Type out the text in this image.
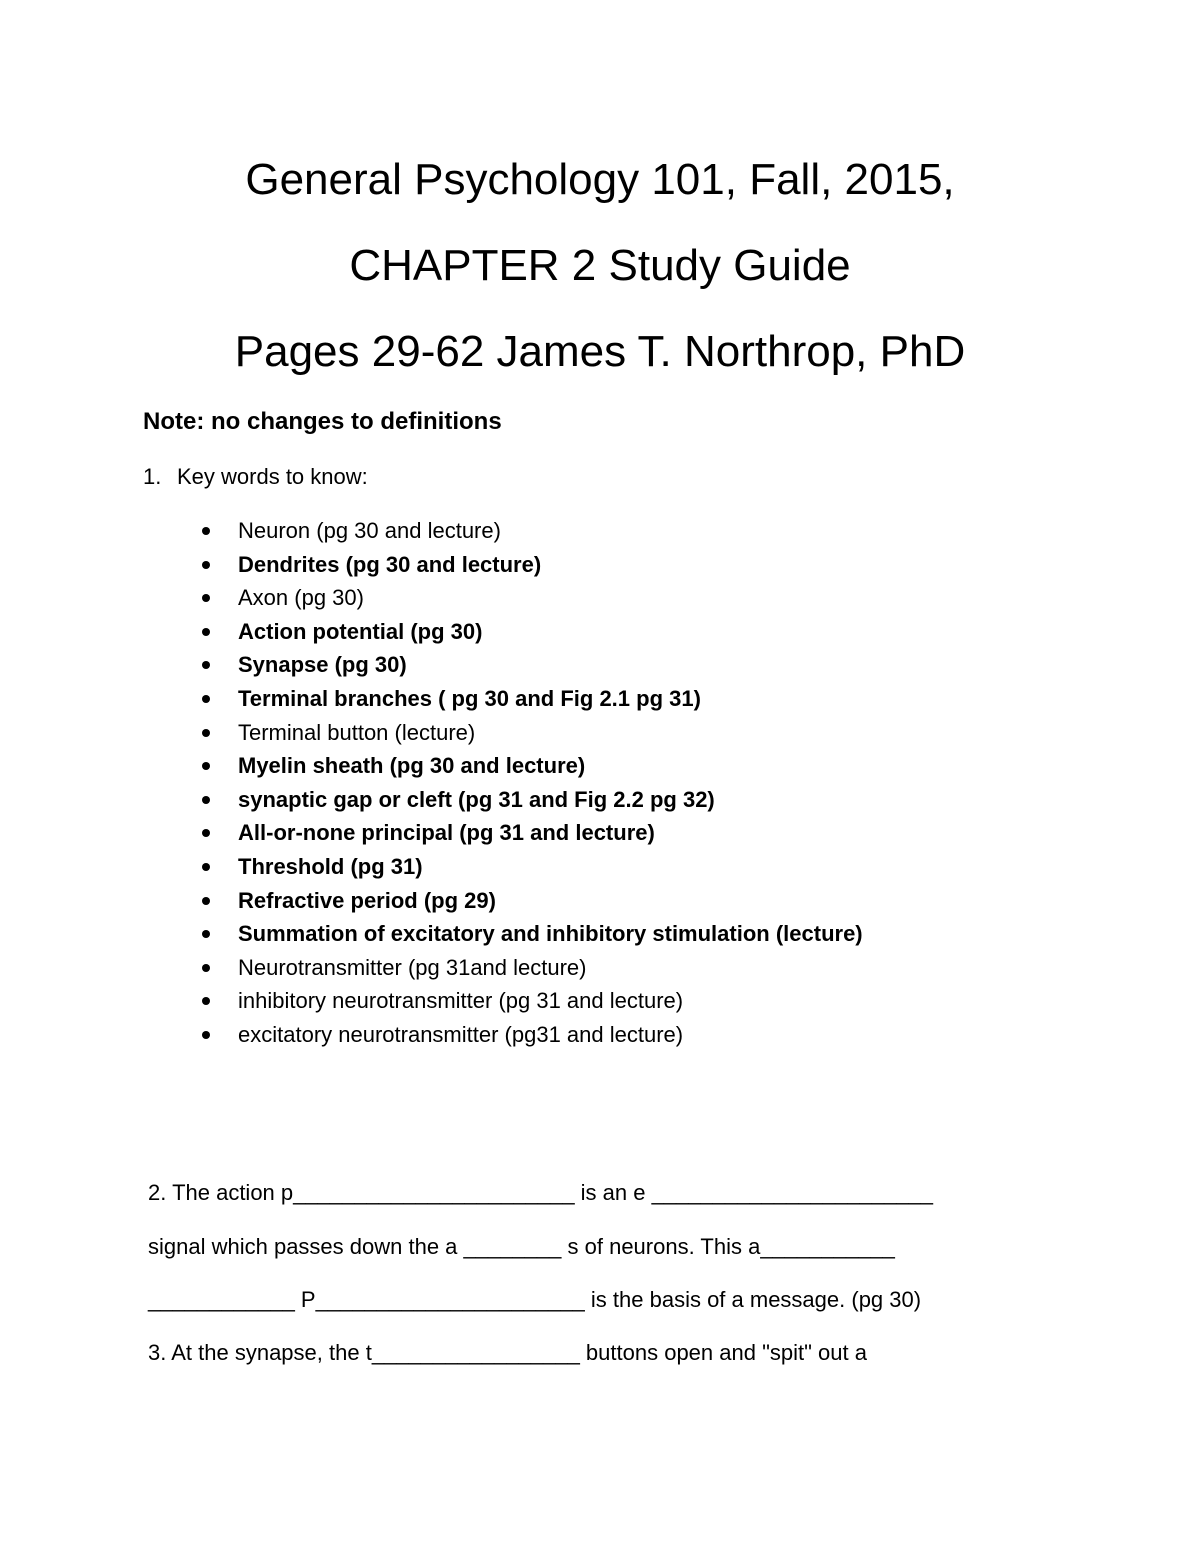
General Psychology 101, Fall, 2015,
CHAPTER 2 Study Guide
Pages 29-62 James T. Northrop, PhD
Note: no changes to definitions
1. Key words to know:
Neuron (pg 30 and lecture)
Dendrites (pg 30 and lecture)
Axon (pg 30)
Action potential (pg 30)
Synapse (pg 30)
Terminal branches ( pg 30 and Fig 2.1 pg 31)
Terminal button (lecture)
Myelin sheath (pg 30 and lecture)
synaptic gap or cleft (pg 31 and Fig 2.2 pg 32)
All-or-none principal (pg 31 and lecture)
Threshold (pg 31)
Refractive period (pg 29)
Summation of excitatory and inhibitory stimulation (lecture)
Neurotransmitter (pg 31and lecture)
inhibitory neurotransmitter (pg 31 and lecture)
excitatory neurotransmitter (pg31 and lecture)
2. The action p_______________________ is an e _______________________
signal which passes down the a ________ s of neurons. This a___________
____________ P______________________ is the basis of a message. (pg 30)
3. At the synapse, the t_________________ buttons open and "spit" out a
